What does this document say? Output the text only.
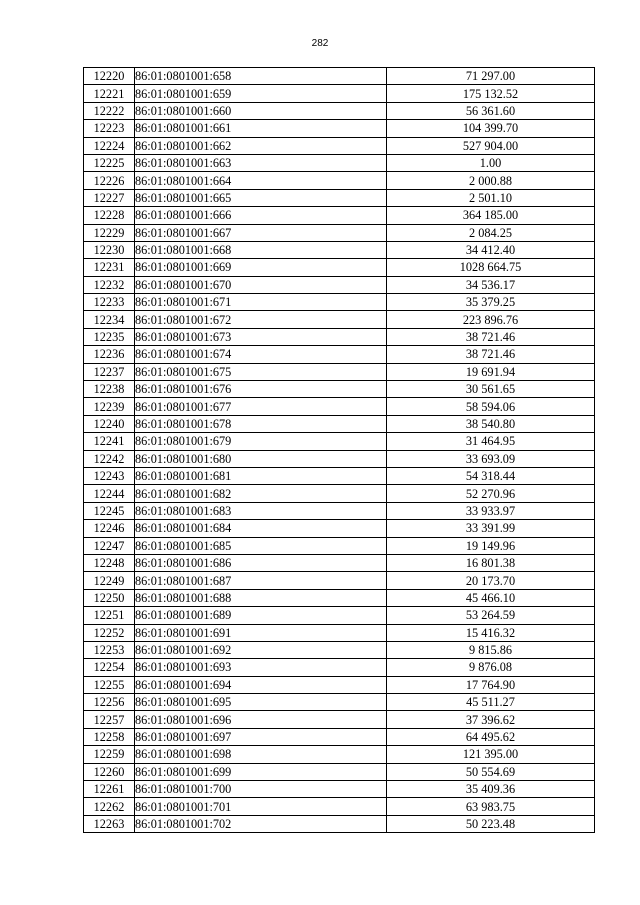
282
12220	86:01:0801001:658	71 297.00
12221	86:01:0801001:659	175 132.52
12222	86:01:0801001:660	56 361.60
12223	86:01:0801001:661	104 399.70
12224	86:01:0801001:662	527 904.00
12225	86:01:0801001:663	1.00
12226	86:01:0801001:664	2 000.88
12227	86:01:0801001:665	2 501.10
12228	86:01:0801001:666	364 185.00
12229	86:01:0801001:667	2 084.25
12230	86:01:0801001:668	34 412.40
12231	86:01:0801001:669	1028 664.75
12232	86:01:0801001:670	34 536.17
12233	86:01:0801001:671	35 379.25
12234	86:01:0801001:672	223 896.76
12235	86:01:0801001:673	38 721.46
12236	86:01:0801001:674	38 721.46
12237	86:01:0801001:675	19 691.94
12238	86:01:0801001:676	30 561.65
12239	86:01:0801001:677	58 594.06
12240	86:01:0801001:678	38 540.80
12241	86:01:0801001:679	31 464.95
12242	86:01:0801001:680	33 693.09
12243	86:01:0801001:681	54 318.44
12244	86:01:0801001:682	52 270.96
12245	86:01:0801001:683	33 933.97
12246	86:01:0801001:684	33 391.99
12247	86:01:0801001:685	19 149.96
12248	86:01:0801001:686	16 801.38
12249	86:01:0801001:687	20 173.70
12250	86:01:0801001:688	45 466.10
12251	86:01:0801001:689	53 264.59
12252	86:01:0801001:691	15 416.32
12253	86:01:0801001:692	9 815.86
12254	86:01:0801001:693	9 876.08
12255	86:01:0801001:694	17 764.90
12256	86:01:0801001:695	45 511.27
12257	86:01:0801001:696	37 396.62
12258	86:01:0801001:697	64 495.62
12259	86:01:0801001:698	121 395.00
12260	86:01:0801001:699	50 554.69
12261	86:01:0801001:700	35 409.36
12262	86:01:0801001:701	63 983.75
12263	86:01:0801001:702	50 223.48
